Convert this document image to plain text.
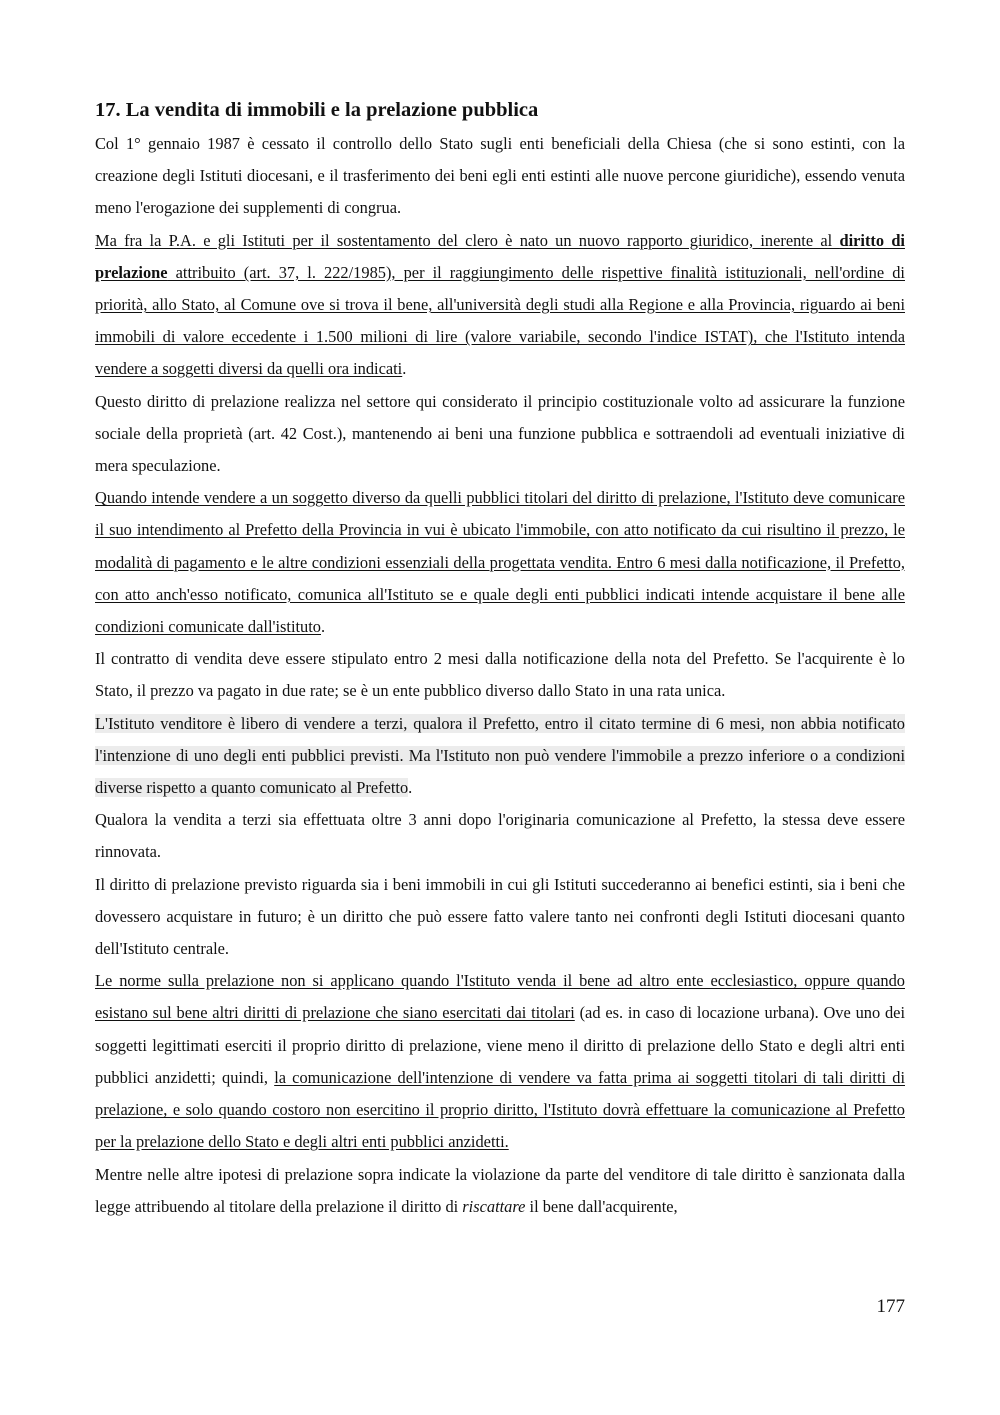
17. La vendita di immobili e la prelazione pubblica

Col 1° gennaio 1987 è cessato il controllo dello Stato sugli enti beneficiali della Chiesa (che si sono estinti, con la creazione degli Istituti diocesani, e il trasferimento dei beni egli enti estinti alle nuove percone giuridiche), essendo venuta meno l'erogazione dei supplementi di congrua.

Ma fra la P.A. e gli Istituti per il sostentamento del clero è nato un nuovo rapporto giuridico, inerente al diritto di prelazione attribuito (art. 37, l. 222/1985), per il raggiungimento delle rispettive finalità istituzionali, nell'ordine di priorità, allo Stato, al Comune ove si trova il bene, all'università degli studi alla Regione e alla Provincia, riguardo ai beni immobili di valore eccedente i 1.500 milioni di lire (valore variabile, secondo l'indice ISTAT), che l'Istituto intenda vendere a soggetti diversi da quelli ora indicati.

Questo diritto di prelazione realizza nel settore qui considerato il principio costituzionale volto ad assicurare la funzione sociale della proprietà (art. 42 Cost.), mantenendo ai beni una funzione pubblica e sottraendoli ad eventuali iniziative di mera speculazione.

Quando intende vendere a un soggetto diverso da quelli pubblici titolari del diritto di prelazione, l'Istituto deve comunicare il suo intendimento al Prefetto della Provincia in vui è ubicato l'immobile, con atto notificato da cui risultino il prezzo, le modalità di pagamento e le altre condizioni essenziali della progettata vendita. Entro 6 mesi dalla notificazione, il Prefetto, con atto anch'esso notificato, comunica all'Istituto se e quale degli enti pubblici indicati intende acquistare il bene alle condizioni comunicate dall'istituto.

Il contratto di vendita deve essere stipulato entro 2 mesi dalla notificazione della nota del Prefetto. Se l'acquirente è lo Stato, il prezzo va pagato in due rate; se è un ente pubblico diverso dallo Stato in una rata unica.

L'Istituto venditore è libero di vendere a terzi, qualora il Prefetto, entro il citato termine di 6 mesi, non abbia notificato l'intenzione di uno degli enti pubblici previsti. Ma l'Istituto non può vendere l'immobile a prezzo inferiore o a condizioni diverse rispetto a quanto comunicato al Prefetto.

Qualora la vendita a terzi sia effettuata oltre 3 anni dopo l'originaria comunicazione al Prefetto, la stessa deve essere rinnovata.

Il diritto di prelazione previsto riguarda sia i beni immobili in cui gli Istituti succederanno ai benefici estinti, sia i beni che dovessero acquistare in futuro; è un diritto che può essere fatto valere tanto nei confronti degli Istituti diocesani quanto dell'Istituto centrale.

Le norme sulla prelazione non si applicano quando l'Istituto venda il bene ad altro ente ecclesiastico, oppure quando esistano sul bene altri diritti di prelazione che siano esercitati dai titolari (ad es. in caso di locazione urbana). Ove uno dei soggetti legittimati eserciti il proprio diritto di prelazione, viene meno il diritto di prelazione dello Stato e degli altri enti pubblici anzidetti; quindi, la comunicazione dell'intenzione di vendere va fatta prima ai soggetti titolari di tali diritti di prelazione, e solo quando costoro non esercitino il proprio diritto, l'Istituto dovrà effettuare la comunicazione al Prefetto per la prelazione dello Stato e degli altri enti pubblici anzidetti.

Mentre nelle altre ipotesi di prelazione sopra indicate la violazione da parte del venditore di tale diritto è sanzionata dalla legge attribuendo al titolare della prelazione il diritto di riscattare il bene dall'acquirente,

177
